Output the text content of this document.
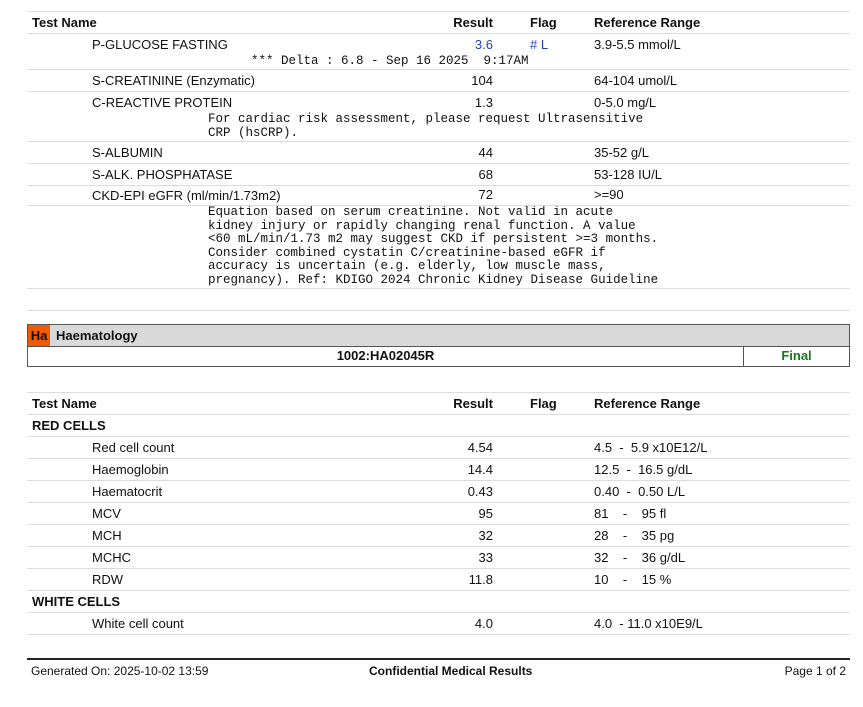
Test Name	Result	Flag	Reference Range
P-GLUCOSE FASTING	3.6	# L	3.9-5.5 mmol/L
*** Delta : 6.8 - Sep 16 2025  9:17AM
S-CREATININE (Enzymatic)	104	64-104 umol/L
C-REACTIVE PROTEIN	1.3	0-5.0 mg/L
For cardiac risk assessment, please request Ultrasensitive
CRP (hsCRP).
S-ALBUMIN	44	35-52 g/L
S-ALK. PHOSPHATASE	68	53-128 IU/L
CKD-EPI eGFR (ml/min/1.73m2)	72	>=90
Equation based on serum creatinine. Not valid in acute
kidney injury or rapidly changing renal function. A value
<60 mL/min/1.73 m2 may suggest CKD if persistent >=3 months.
Consider combined cystatin C/creatinine-based eGFR if
accuracy is uncertain (e.g. elderly, low muscle mass,
pregnancy). Ref: KDIGO 2024 Chronic Kidney Disease Guideline
Ha Haematology
1002:HA02045R	Final
Test Name	Result	Flag	Reference Range
RED CELLS
Red cell count	4.54	4.5  -  5.9 x10E12/L
Haemoglobin	14.4	12.5  -  16.5 g/dL
Haematocrit	0.43	0.40  -  0.50 L/L
MCV	95	81    -    95 fl
MCH	32	28    -    35 pg
MCHC	33	32    -    36 g/dL
RDW	11.8	10    -    15 %
WHITE CELLS
White cell count	4.0	4.0  - 11.0 x10E9/L
Generated On: 2025-10-02 13:59	Confidential Medical Results	Page 1 of 2
